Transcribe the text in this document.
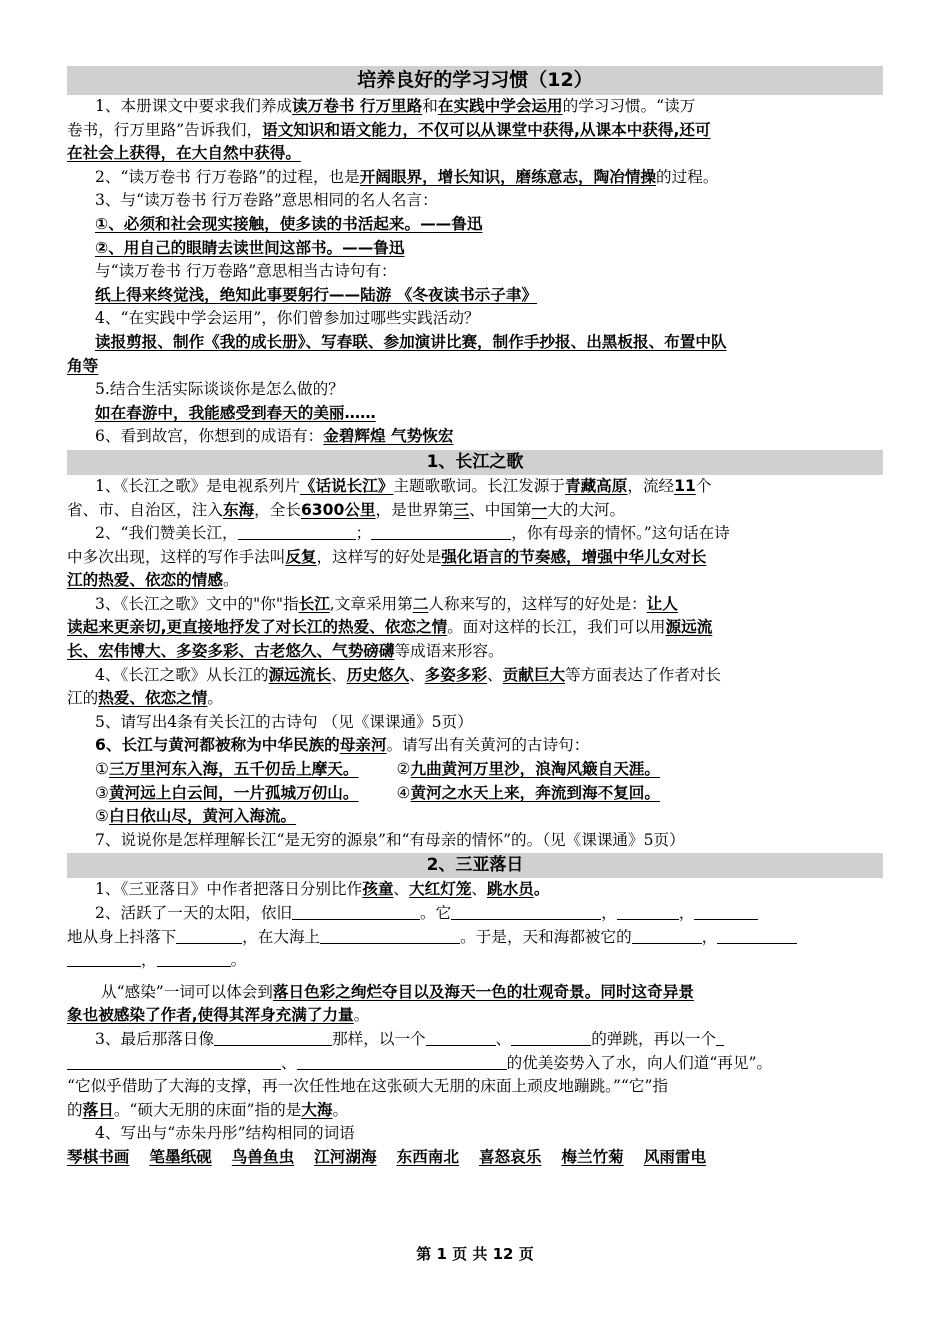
培养良好的学习习惯（12）
1、本册课文中要求我们养成读万卷书 行万里路和在实践中学会运用的学习习惯。“读万
卷书，行万里路”告诉我们，语文知识和语文能力，不仅可以从课堂中获得,从课本中获得,还可
在社会上获得，在大自然中获得。
2、“读万卷书 行万卷路”的过程，也是开阔眼界，增长知识，磨练意志，陶冶情操的过程。
3、与“读万卷书 行万卷路”意思相同的名人名言：
①、必须和社会现实接触，使多读的书活起来。——鲁迅
②、用自己的眼睛去读世间这部书。——鲁迅
与“读万卷书 行万卷路”意思相当古诗句有：
纸上得来终觉浅，绝知此事要躬行——陆游 《冬夜读书示子聿》
4、“在实践中学会运用”，你们曾参加过哪些实践活动？
读报剪报、制作《我的成长册》、写春联、参加演讲比赛，制作手抄报、出黑板报、布置中队
角等
5.结合生活实际谈谈你是怎么做的？
如在春游中，我能感受到春天的美丽……
6、看到故宫，你想到的成语有：金碧辉煌 气势恢宏
1、长江之歌
1、《长江之歌》是电视系列片《话说长江》主题歌歌词。长江发源于青藏高原，流经11个
省、市、自治区，注入东海，全长6300公里，是世界第三、中国第一大的大河。
2、“我们赞美长江，	；	，你有母亲的情怀。”这句话在诗
中多次出现，这样的写作手法叫反复，这样写的好处是强化语言的节奏感，增强中华儿女对长
江的热爱、依恋的情感。
3、《长江之歌》文中的"你"指长江,文章采用第二人称来写的，这样写的好处是：让人
读起来更亲切,更直接地抒发了对长江的热爱、依恋之情。面对这样的长江，我们可以用源远流
长、宏伟博大、多姿多彩、古老悠久、气势磅礴等成语来形容。
4、《长江之歌》从长江的源远流长、历史悠久、多姿多彩、贡献巨大等方面表达了作者对长
江的热爱、依恋之情。
5、请写出4条有关长江的古诗句 （见《课课通》5页）
6、长江与黄河都被称为中华民族的母亲河。请写出有关黄河的古诗句：
①三万里河东入海，五千仞岳上摩天。 ②九曲黄河万里沙，浪淘风簸自天涯。
③黄河远上白云间，一片孤城万仞山。 ④黄河之水天上来，奔流到海不复回。
⑤白日依山尽，黄河入海流。
7、说说你是怎样理解长江“是无穷的源泉”和“有母亲的情怀”的。（见《课课通》5页）
2、三亚落日
1、《三亚落日》中作者把落日分别比作孩童、大红灯笼、跳水员。
2、活跃了一天的太阳，依旧	。它	，	，
地从身上抖落下	，在大海上	。于是，天和海都被它的	，
，	。
从“感染”一词可以体会到落日色彩之绚烂夺目以及海天一色的壮观奇景。同时这奇异景
象也被感染了作者,使得其浑身充满了力量。
3、最后那落日像	那样，以一个	、	的弹跳，再以一个
、	的优美姿势入了水，向人们道“再见”。
“它似乎借助了大海的支撑，再一次任性地在这张硕大无朋的床面上顽皮地蹦跳。”“它”指
的落日。“硕大无朋的床面”指的是大海。
4、写出与“赤朱丹彤”结构相同的词语
琴棋书画 笔墨纸砚 鸟兽鱼虫 江河湖海 东西南北 喜怒哀乐 梅兰竹菊 风雨雷电
第 1 页 共 12 页
